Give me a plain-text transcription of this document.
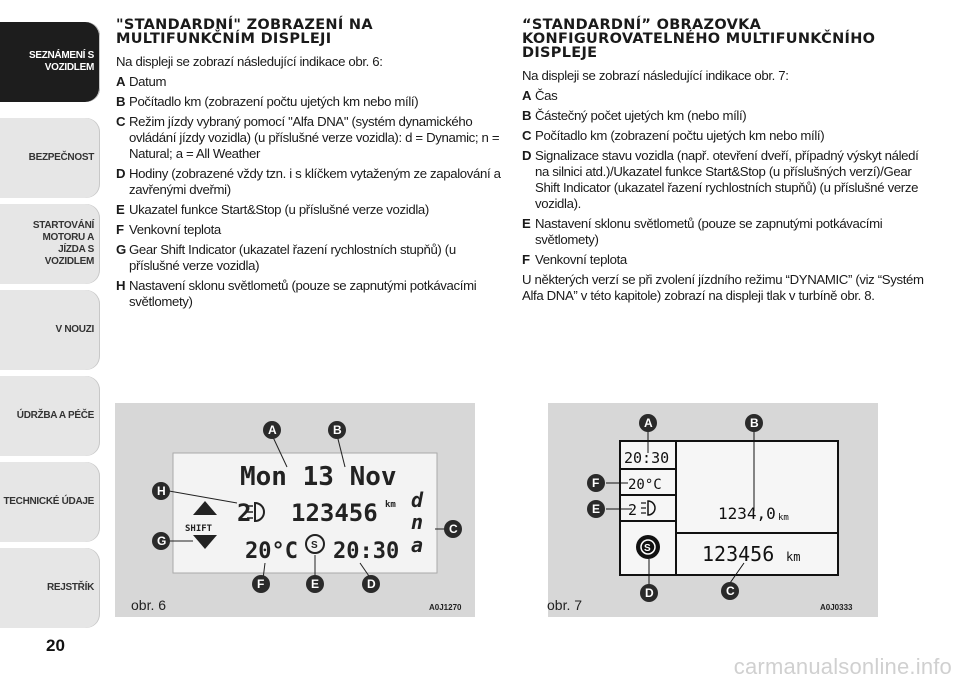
SEZNÁMENÍ S VOZIDLEM
BEZPEČNOST
STARTOVÁNÍ MOTORU A JÍZDA S VOZIDLEM
V NOUZI
ÚDRŽBA A PÉČE
TECHNICKÉ ÚDAJE
REJSTŘÍK
20
"STANDARDNÍ" ZOBRAZENÍ NA MULTIFUNKČNÍM DISPLEJI

Na displeji se zobrazí následující indikace obr. 6:

A Datum
B Počítadlo km (zobrazení počtu ujetých km nebo mílí)
C Režim jízdy vybraný pomocí "Alfa DNA" (systém dynamického ovládání jízdy vozidla) (u příslušné verze vozidla): d = Dynamic; n = Natural; a = All Weather
D Hodiny (zobrazené vždy tzn. i s klíčkem vytaženým ze zapalování a zavřenými dveřmi)
E Ukazatel funkce Start&Stop (u příslušné verze vozidla)
F Venkovní teplota
G Gear Shift Indicator (ukazatel řazení rychlostních stupňů) (u příslušné verze vozidla)
H Nastavení sklonu světlometů (pouze se zapnutými potkávacími světlomety)
“STANDARDNÍ” OBRAZOVKA KONFIGUROVATELNÉHO MULTIFUNKČNÍHO DISPLEJE

Na displeji se zobrazí následující indikace obr. 7:

A Čas
B Částečný počet ujetých km (nebo mílí)
C Počítadlo km (zobrazení počtu ujetých km nebo mílí)
D Signalizace stavu vozidla (např. otevření dveří, případný výskyt náledí na silnici atd.)/Ukazatel funkce Start&Stop (u příslušných verzí)/Gear Shift Indicator (ukazatel řazení rychlostních stupňů) (u příslušné verze vozidla).
E Nastavení sklonu světlometů (pouze se zapnutými potkávacími světlomety)
F Venkovní teplota

U některých verzí se při zvolení jízdního režimu “DYNAMIC” (viz “Systém Alfa DNA” v této kapitole) zobrazí na displeji tlak v turbíně obr. 8.

Mon 13 Nov
2 123456 km d
n
a
20°C 20:30
SHIFT
S
A	B
C
D
E
F
G
H
obr. 6	A0J1270
20:30
20°C
2	1234,0 km
123456 km
S
A	B
C
D
E
F
obr. 7	A0J0333
carmanualsonline.info
